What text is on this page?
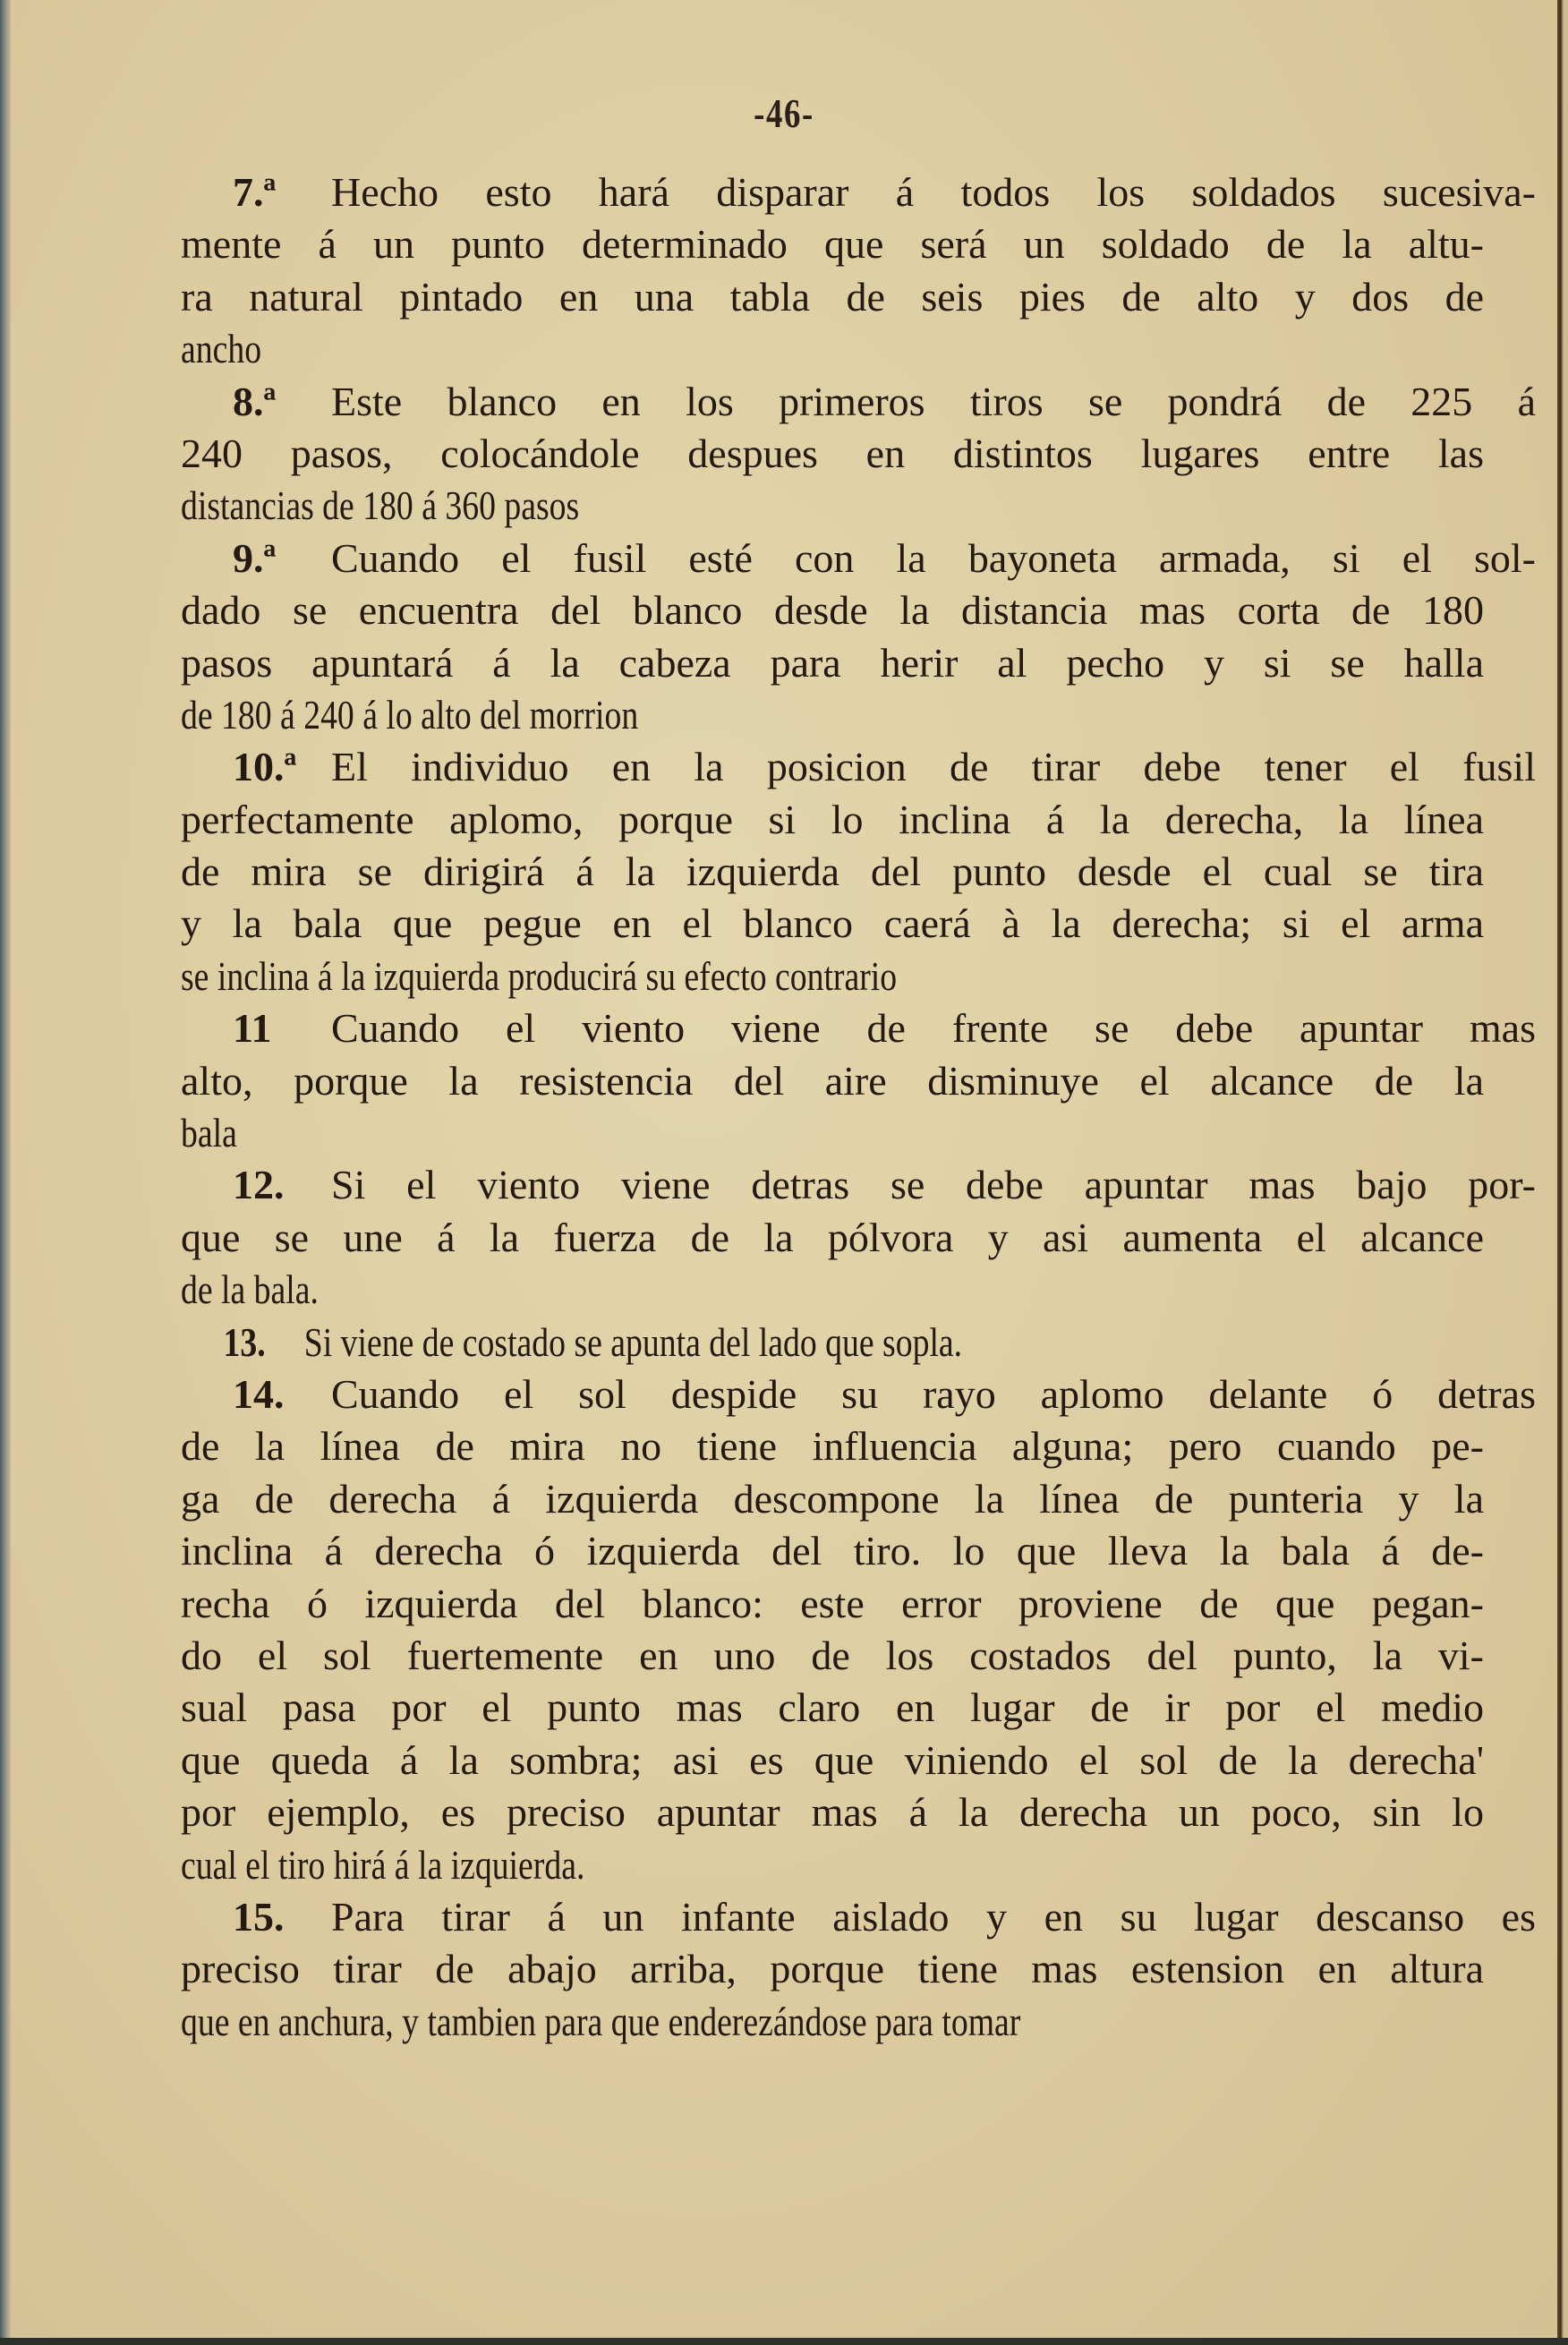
-46-
7.ª Hecho esto hará disparar á todos los soldados sucesiva-
mente á un punto determinado que será un soldado de la altu-
ra natural pintado en una tabla de seis pies de alto y dos de
ancho
8.ª Este blanco en los primeros tiros se pondrá de 225 á
240 pasos, colocándole despues en distintos lugares entre las
distancias de 180 á 360 pasos
9.ª Cuando el fusil esté con la bayoneta armada, si el sol-
dado se encuentra del blanco desde la distancia mas corta de 180
pasos apuntará á la cabeza para herir al pecho y si se halla
de 180 á 240 á lo alto del morrion
10.ª El individuo en la posicion de tirar debe tener el fusil
perfectamente aplomo, porque si lo inclina á la derecha, la línea
de mira se dirigirá á la izquierda del punto desde el cual se tira
y la bala que pegue en el blanco caerá à la derecha; si el arma
se inclina á la izquierda producirá su efecto contrario
11 Cuando el viento viene de frente se debe apuntar mas
alto, porque la resistencia del aire disminuye el alcance de la
bala
12. Si el viento viene detras se debe apuntar mas bajo por-
que se une á la fuerza de la pólvora y asi aumenta el alcance
de la bala.
13. Si viene de costado se apunta del lado que sopla.
14. Cuando el sol despide su rayo aplomo delante ó detras
de la línea de mira no tiene influencia alguna; pero cuando pe-
ga de derecha á izquierda descompone la línea de punteria y la
inclina á derecha ó izquierda del tiro. lo que lleva la bala á de-
recha ó izquierda del blanco: este error proviene de que pegan-
do el sol fuertemente en uno de los costados del punto, la vi-
sual pasa por el punto mas claro en lugar de ir por el medio
que queda á la sombra; asi es que viniendo el sol de la derecha'
por ejemplo, es preciso apuntar mas á la derecha un poco, sin lo
cual el tiro hirá á la izquierda.
15. Para tirar á un infante aislado y en su lugar descanso es
preciso tirar de abajo arriba, porque tiene mas estension en altura
que en anchura, y tambien para que enderezándose para tomar
